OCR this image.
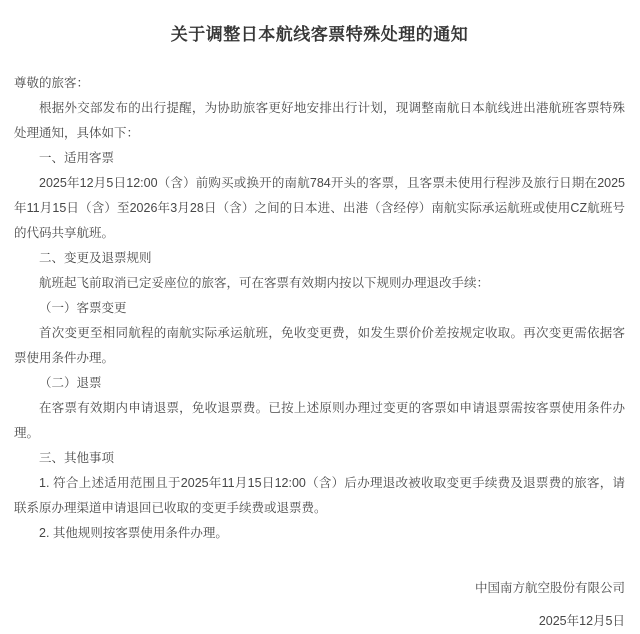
关于调整日本航线客票特殊处理的通知

尊敬的旅客：

根据外交部发布的出行提醒，为协助旅客更好地安排出行计划，现调整南航日本航线进出港航班客票特殊处理通知，具体如下：

一、适用客票

2025年12月5日12:00（含）前购买或换开的南航784开头的客票，且客票未使用行程涉及旅行日期在2025年11月15日（含）至2026年3月28日（含）之间的日本进、出港（含经停）南航实际承运航班或使用CZ航班号的代码共享航班。

二、变更及退票规则

航班起飞前取消已定妥座位的旅客，可在客票有效期内按以下规则办理退改手续：

（一）客票变更

首次变更至相同航程的南航实际承运航班，免收变更费，如发生票价价差按规定收取。再次变更需依据客票使用条件办理。

（二）退票

在客票有效期内申请退票，免收退票费。已按上述原则办理过变更的客票如申请退票需按客票使用条件办理。

三、其他事项

1. 符合上述适用范围且于2025年11月15日12:00（含）后办理退改被收取变更手续费及退票费的旅客，请联系原办理渠道申请退回已收取的变更手续费或退票费。

2. 其他规则按客票使用条件办理。

中国南方航空股份有限公司

2025年12月5日
